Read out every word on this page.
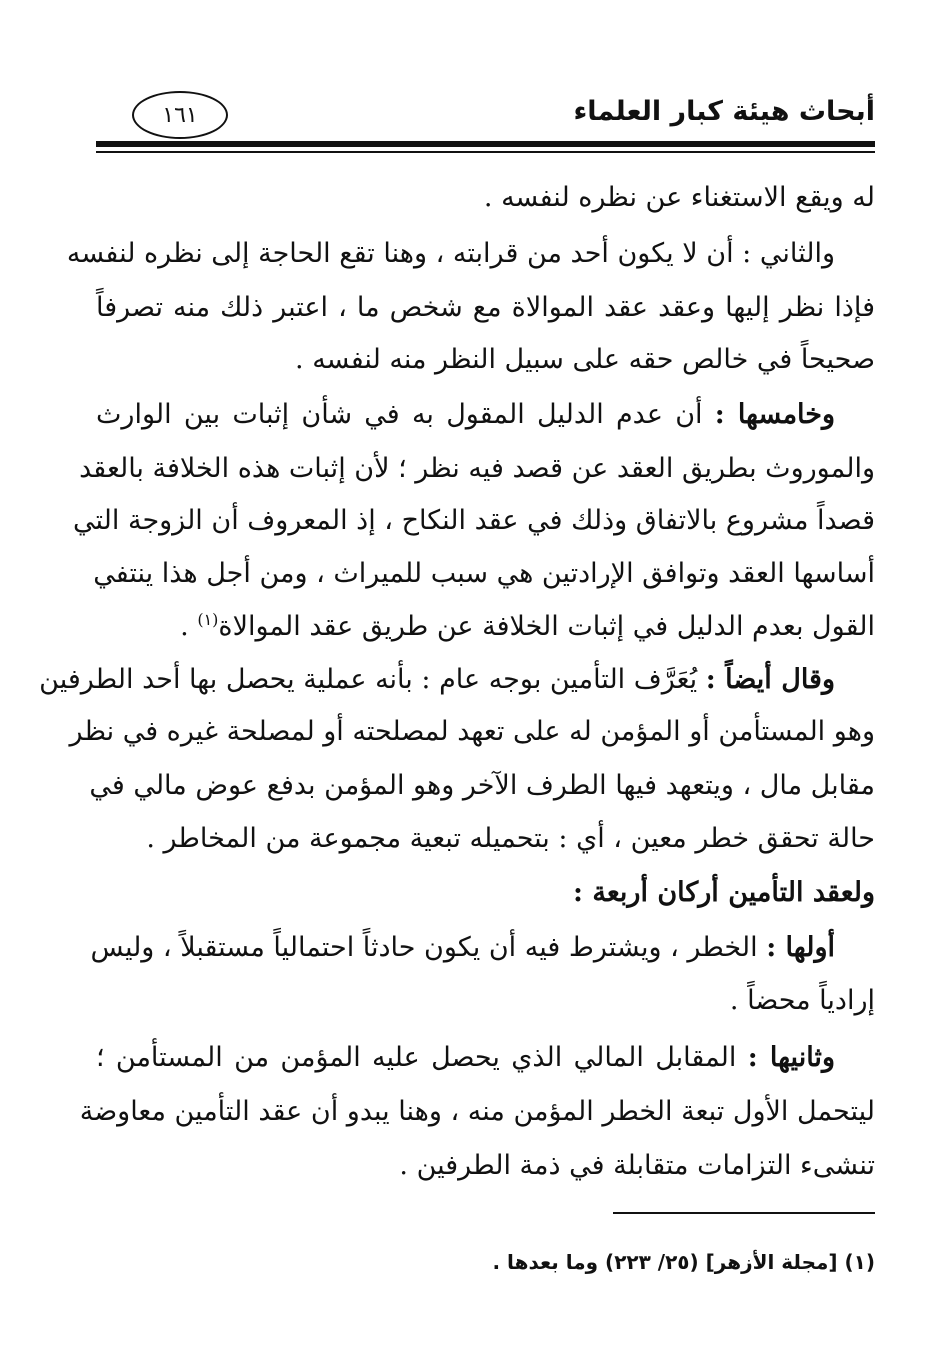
أبحاث هيئة كبار العلماء
١٦١
له ويقع الاستغناء عن نظره لنفسه .
والثاني : أن لا يكون أحد من قرابته ، وهنا تقع الحاجة إلى نظره لنفسه
فإذا نظر إليها وعقد عقد الموالاة مع شخص ما ، اعتبر ذلك منه تصرفاً
صحيحاً في خالص حقه على سبيل النظر منه لنفسه .
وخامسها : أن عدم الدليل المقول به في شأن إثبات بين الوارث
والموروث بطريق العقد عن قصد فيه نظر ؛ لأن إثبات هذه الخلافة بالعقد
قصداً مشروع بالاتفاق وذلك في عقد النكاح ، إذ المعروف أن الزوجة التي
أساسها العقد وتوافق الإرادتين هي سبب للميراث ، ومن أجل هذا ينتفي
القول بعدم الدليل في إثبات الخلافة عن طريق عقد الموالاة$^{(١)}$ .
وقال أيضاً : يُعَرَّف التأمين بوجه عام : بأنه عملية يحصل بها أحد الطرفين
وهو المستأمن أو المؤمن له على تعهد لمصلحته أو لمصلحة غيره في نظر
مقابل مال ، ويتعهد فيها الطرف الآخر وهو المؤمن بدفع عوض مالي في
حالة تحقق خطر معين ، أي : بتحميله تبعية مجموعة من المخاطر .
ولعقد التأمين أركان أربعة :
أولها : الخطر ، ويشترط فيه أن يكون حادثاً احتمالياً مستقبلاً ، وليس
إرادياً محضاً .
وثانيها : المقابل المالي الذي يحصل عليه المؤمن من المستأمن ؛
ليتحمل الأول تبعة الخطر المؤمن منه ، وهنا يبدو أن عقد التأمين معاوضة
تنشىء التزامات متقابلة في ذمة الطرفين .
(١) [مجلة الأزهر] (٢٥/ ٢٢٣) وما بعدها .
